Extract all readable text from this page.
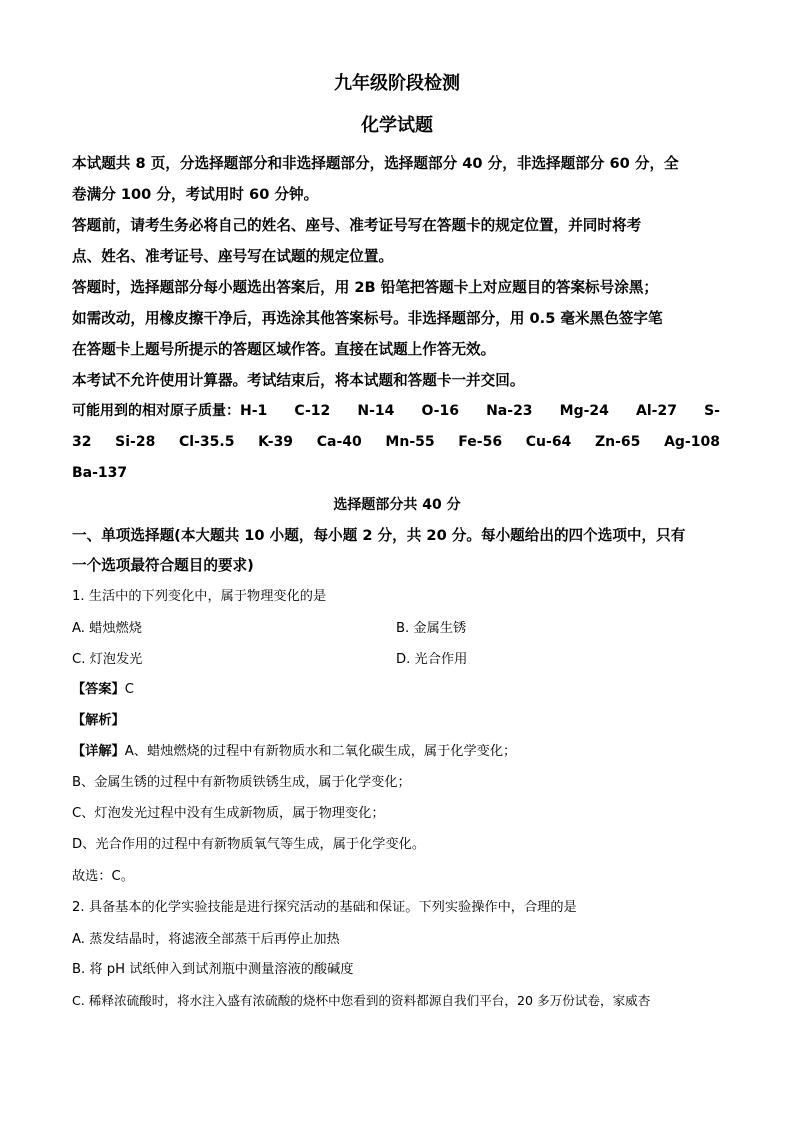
九年级阶段检测
化学试题

本试题共 8 页，分选择题部分和非选择题部分，选择题部分 40 分，非选择题部分 60 分，全

卷满分 100 分，考试用时 60 分钟。

答题前，请考生务必将自己的姓名、座号、准考证号写在答题卡的规定位置，并同时将考

点、姓名、准考证号、座号写在试题的规定位置。

答题时，选择题部分每小题选出答案后，用 2B 铅笔把答题卡上对应题目的答案标号涂黑；

如需改动，用橡皮擦干净后，再选涂其他答案标号。非选择题部分，用 0.5 毫米黑色签字笔

在答题卡上题号所提示的答题区域作答。直接在试题上作答无效。

本考试不允许使用计算器。考试结束后，将本试题和答题卡一并交回。

可能用到的相对原子质量：H-1 C-12 N-14 O-16 Na-23 Mg-24 Al-27 S-
32 Si-28 Cl-35.5 K-39 Ca-40 Mn-55 Fe-56 Cu-64 Zn-65 Ag-108
Ba-137
选择题部分共 40 分

一、单项选择题(本大题共 10 小题，每小题 2 分，共 20 分。每小题给出的四个选项中，只有

一个选项最符合题目的要求)

1. 生活中的下列变化中，属于物理变化的是
A. 蜡烛燃烧	B. 金属生锈
C. 灯泡发光	D. 光合作用
【答案】C
【解析】
【详解】A、蜡烛燃烧的过程中有新物质水和二氧化碳生成，属于化学变化；
B、金属生锈的过程中有新物质铁锈生成，属于化学变化；
C、灯泡发光过程中没有生成新物质，属于物理变化；
D、光合作用的过程中有新物质氧气等生成，属于化学变化。
故选：C。
2. 具备基本的化学实验技能是进行探究活动的基础和保证。下列实验操作中，合理的是
A. 蒸发结晶时，将滤液全部蒸干后再停止加热
B. 将 pH 试纸伸入到试剂瓶中测量溶液的酸碱度
C. 稀释浓硫酸时，将水注入盛有浓硫酸的烧杯中您看到的资料都源自我们平台，20 多万份试卷，家威杏
